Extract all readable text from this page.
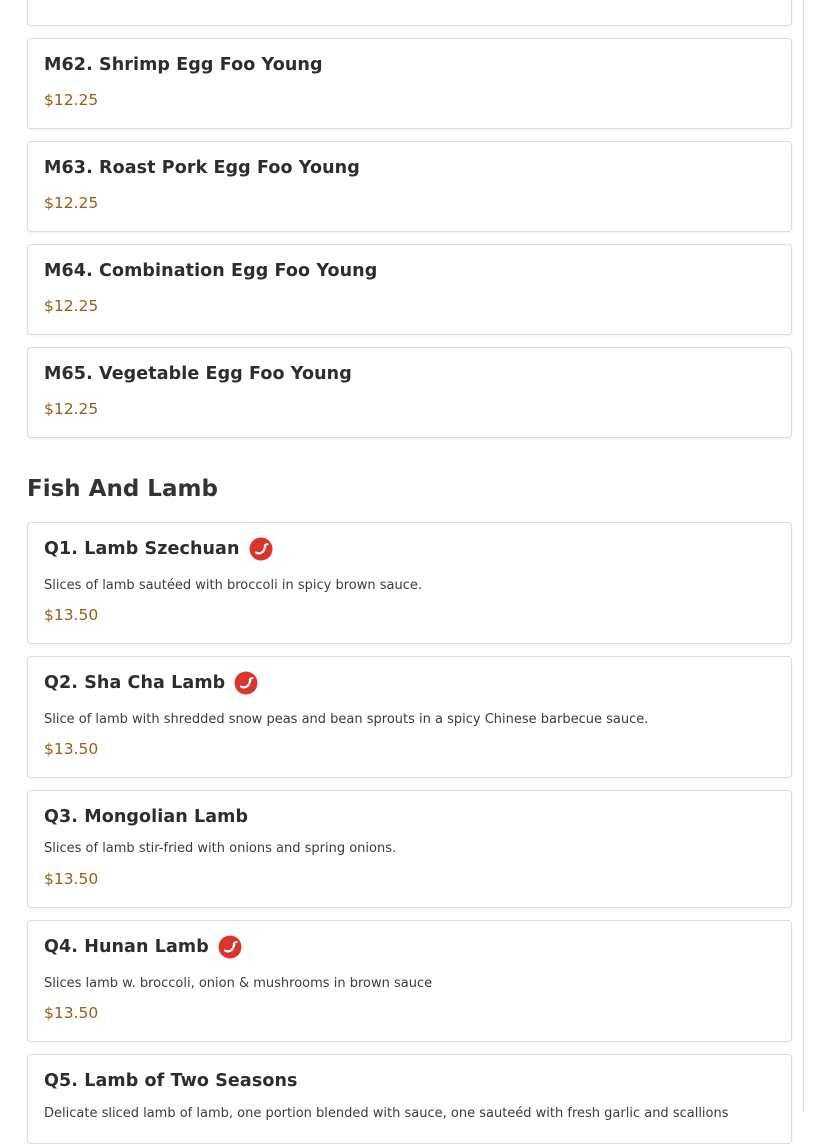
M62. Shrimp Egg Foo Young
$12.25
M63. Roast Pork Egg Foo Young
$12.25
M64. Combination Egg Foo Young
$12.25
M65. Vegetable Egg Foo Young
$12.25
Fish And Lamb
Q1. Lamb Szechuan
Slices of lamb sautéed with broccoli in spicy brown sauce.
$13.50
Q2. Sha Cha Lamb
Slice of lamb with shredded snow peas and bean sprouts in a spicy Chinese barbecue sauce.
$13.50
Q3. Mongolian Lamb
Slices of lamb stir-fried with onions and spring onions.
$13.50
Q4. Hunan Lamb
Slices lamb w. broccoli, onion & mushrooms in brown sauce
$13.50
Q5. Lamb of Two Seasons
Delicate sliced lamb of lamb, one portion blended with sauce, one sauteéd with fresh garlic and scallions
